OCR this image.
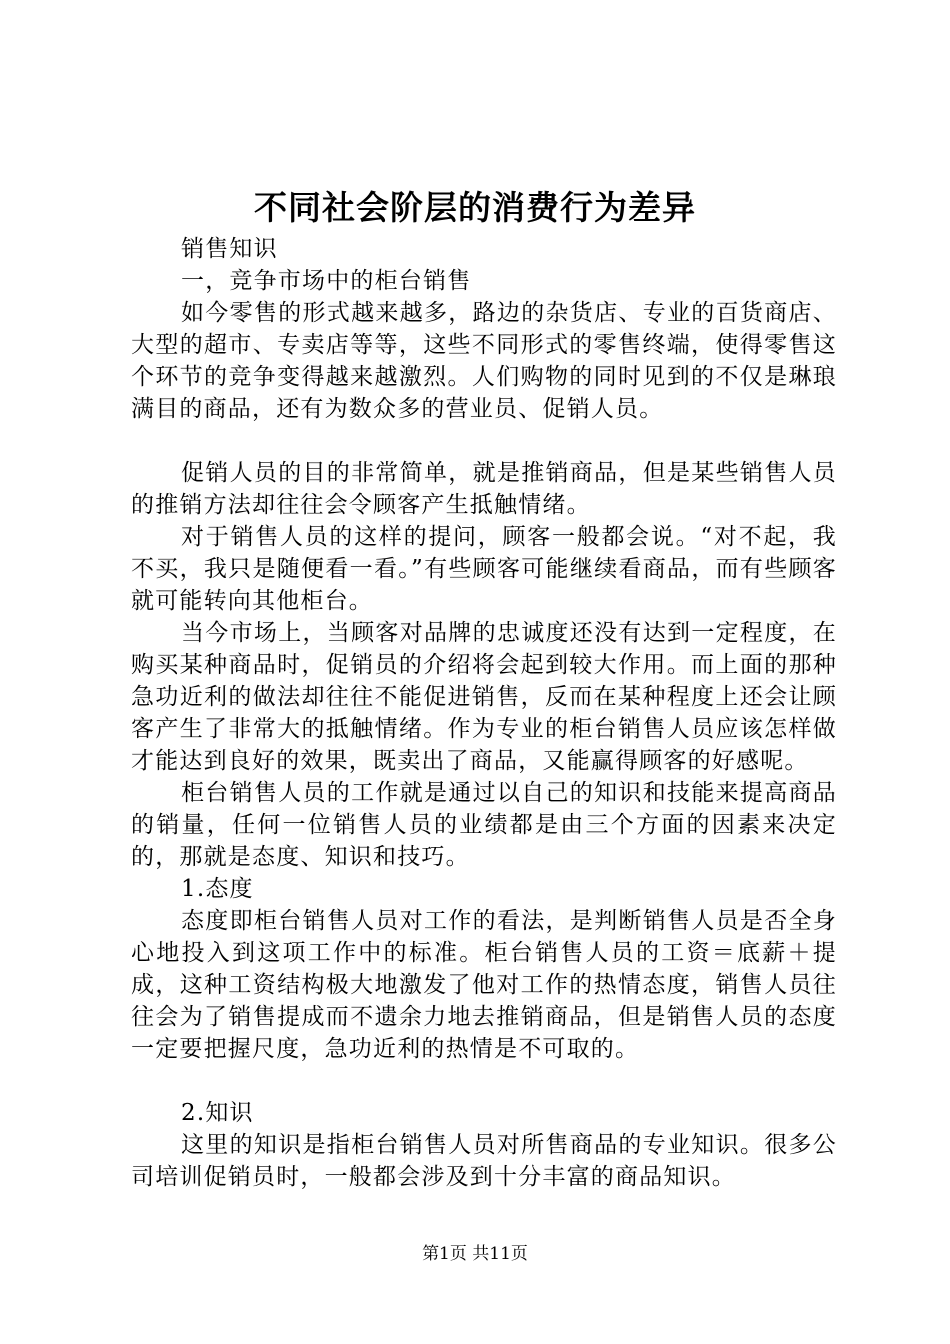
不同社会阶层的消费行为差异

销售知识

一，竞争市场中的柜台销售

如今零售的形式越来越多，路边的杂货店、专业的百货商店、大型的超市、专卖店等等，这些不同形式的零售终端，使得零售这个环节的竞争变得越来越激烈。人们购物的同时见到的不仅是琳琅满目的商品，还有为数众多的营业员、促销人员。

促销人员的目的非常简单，就是推销商品，但是某些销售人员的推销方法却往往会令顾客产生抵触情绪。

对于销售人员的这样的提问，顾客一般都会说。“对不起，我不买，我只是随便看一看。”有些顾客可能继续看商品，而有些顾客就可能转向其他柜台。

当今市场上，当顾客对品牌的忠诚度还没有达到一定程度，在购买某种商品时，促销员的介绍将会起到较大作用。而上面的那种急功近利的做法却往往不能促进销售，反而在某种程度上还会让顾客产生了非常大的抵触情绪。作为专业的柜台销售人员应该怎样做才能达到良好的效果，既卖出了商品，又能赢得顾客的好感呢。

柜台销售人员的工作就是通过以自己的知识和技能来提高商品的销量，任何一位销售人员的业绩都是由三个方面的因素来决定的，那就是态度、知识和技巧。

1.态度

态度即柜台销售人员对工作的看法，是判断销售人员是否全身心地投入到这项工作中的标准。柜台销售人员的工资＝底薪＋提成，这种工资结构极大地激发了他对工作的热情态度，销售人员往往会为了销售提成而不遗余力地去推销商品，但是销售人员的态度一定要把握尺度，急功近利的热情是不可取的。

2.知识

这里的知识是指柜台销售人员对所售商品的专业知识。很多公司培训促销员时，一般都会涉及到十分丰富的商品知识。

第1页 共11页
